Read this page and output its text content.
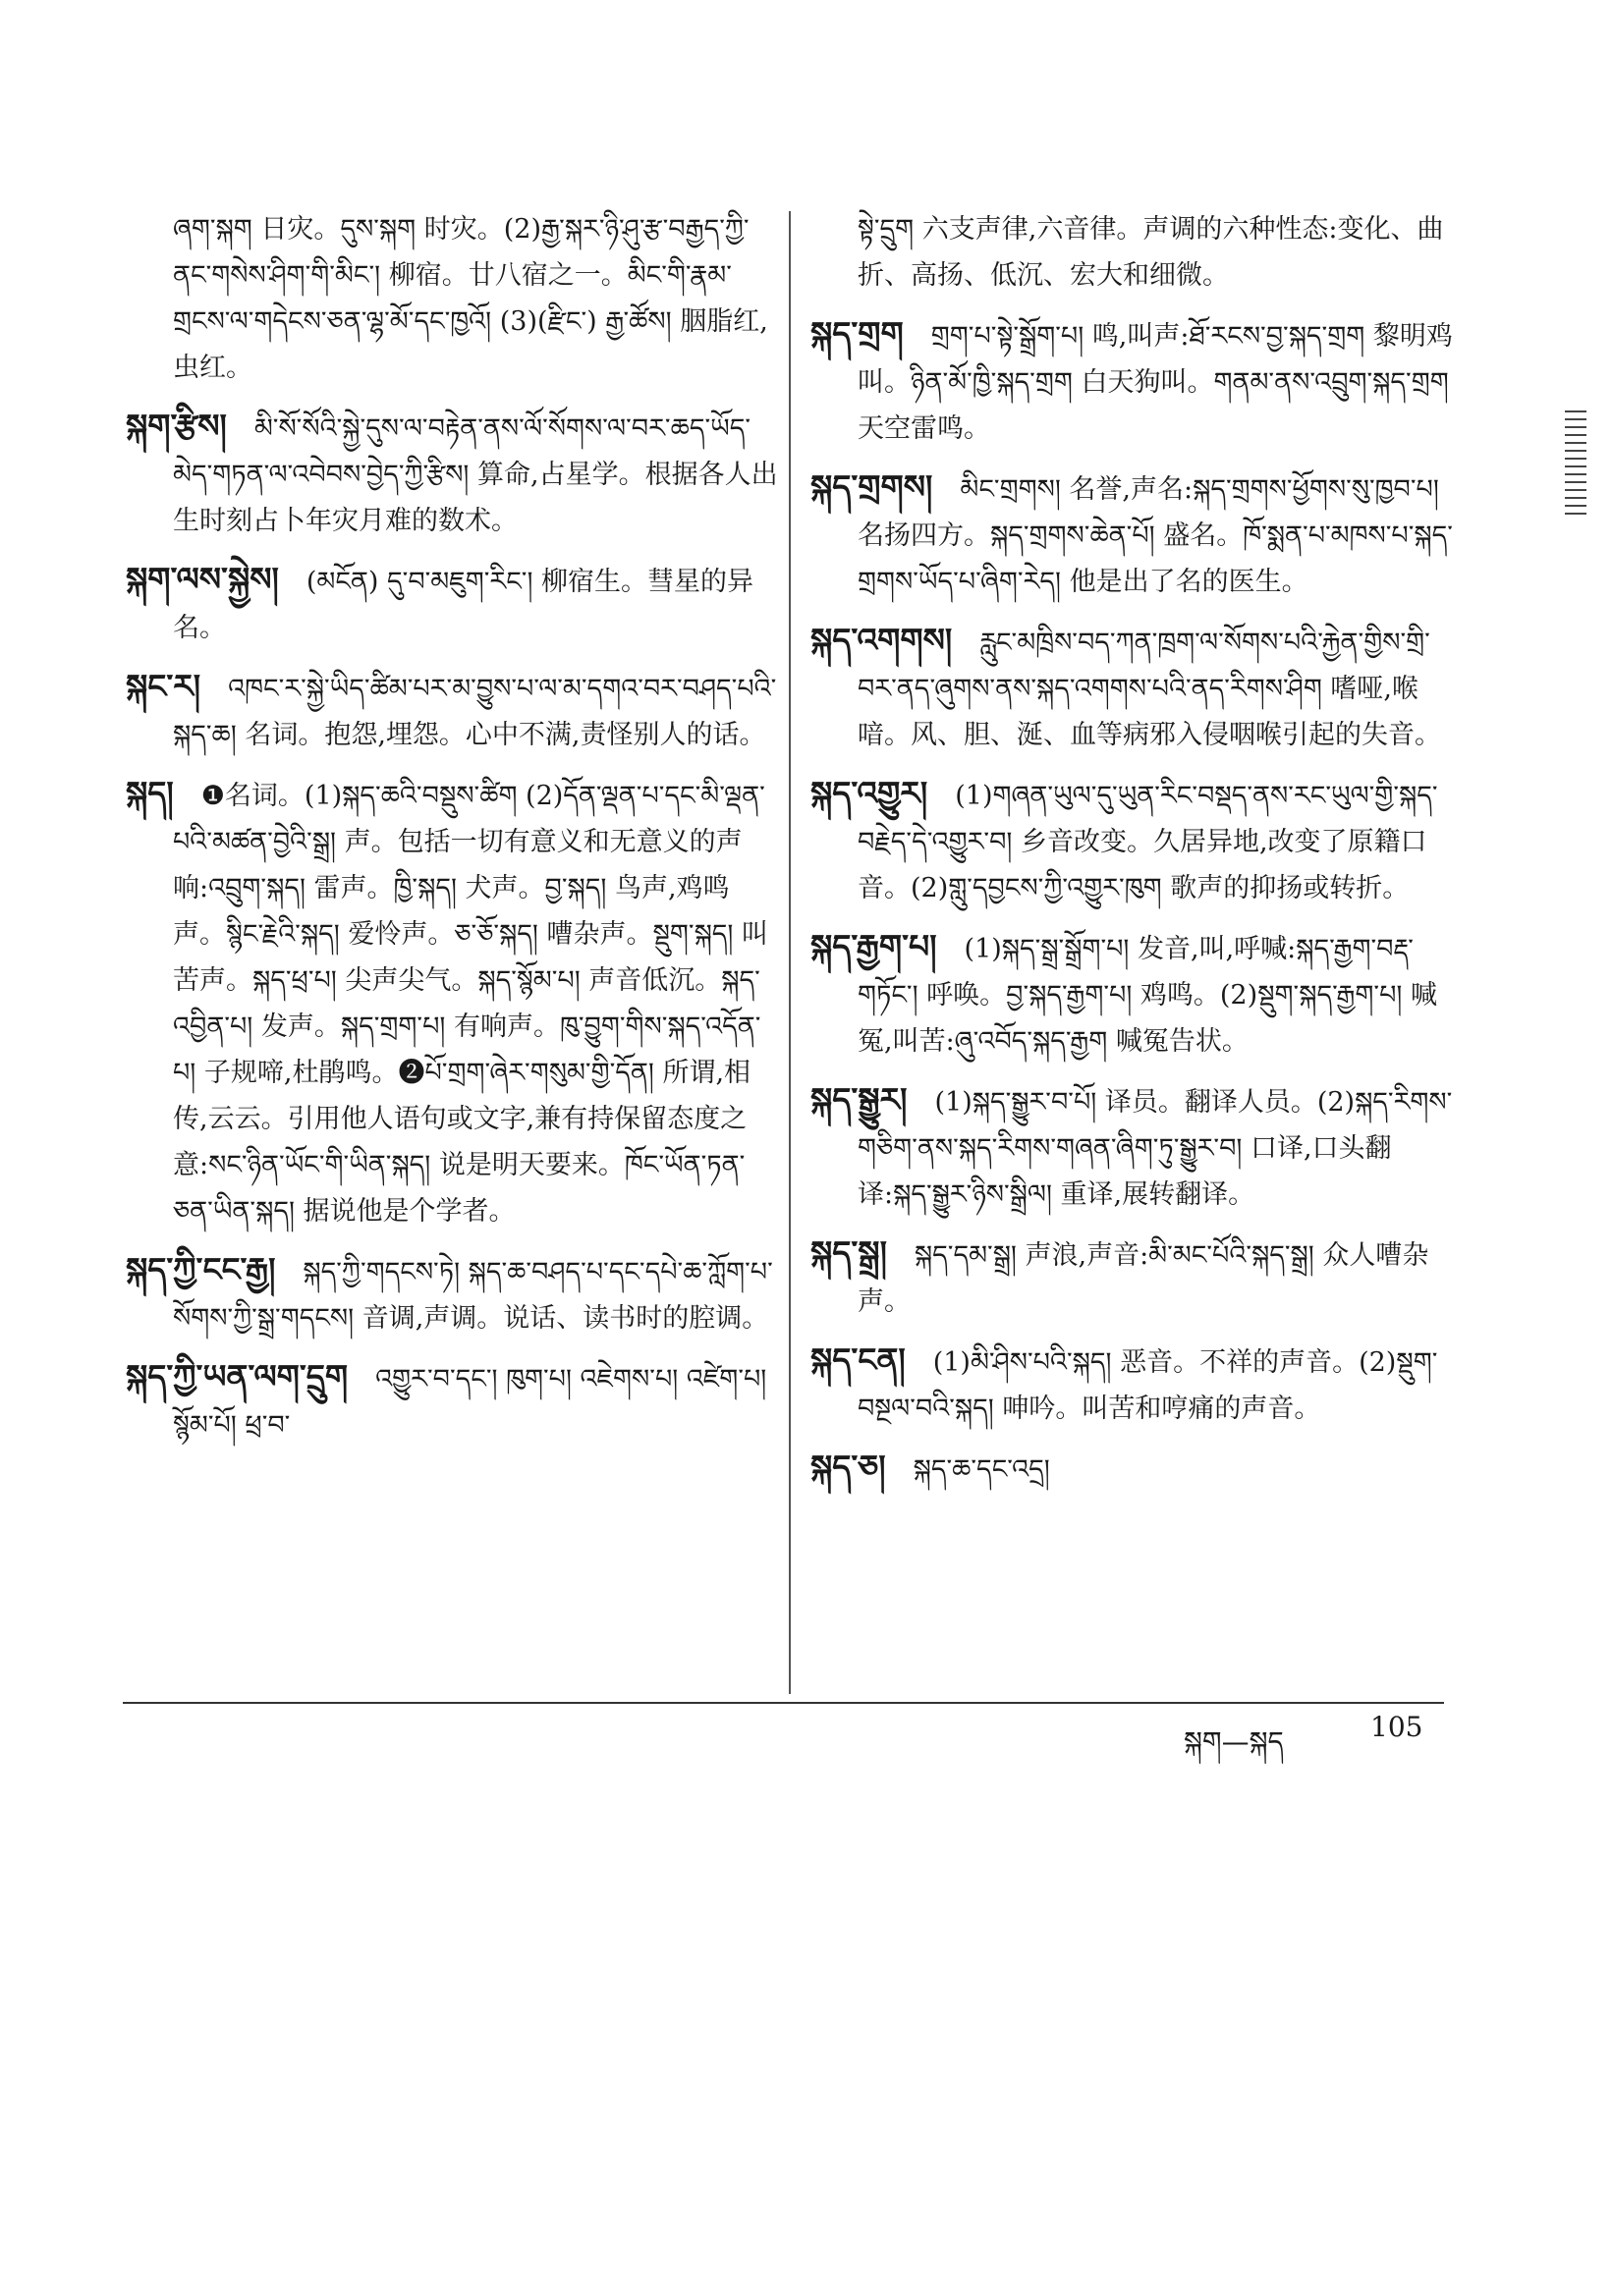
ཞག་སྐག 日灾。དུས་སྐག 时灾。(2)རྒྱ་སྐར་ཉི་ཤུ་རྩ་བརྒྱད་ཀྱི་ནང་གསེས་ཤིག་གི་མིང་། 柳宿。廿八宿之一。མིང་གི་རྣམ་གྲངས་ལ་གདེངས་ཅན་ལྷ་མོ་དང་ཁྱའོ། (3)(རྫིང་) རྒྱ་ཚོས། 胭脂红,虫红。
སྐག་རྩིས། མི་སོ་སོའི་སྐྱེ་དུས་ལ་བརྟེན་ནས་ལོ་སོགས་ལ་བར་ཆད་ཡོད་མེད་གཏན་ལ་འབེབས་བྱེད་ཀྱི་རྩིས། 算命,占星学。根据各人出生时刻占卜年灾月难的数术。
སྐག་ལས་སྐྱེས། (མངོན) དུ་བ་མཇུག་རིང་། 柳宿生。彗星的异名。
སྐང་ར། འཁང་ར་སྐྱེ་ཡིད་ཚིམ་པར་མ་བྱུས་པ་ལ་མ་དགའ་བར་བཤད་པའི་སྐད་ཆ། 名词。抱怨,埋怨。心中不满,责怪别人的话。
སྐད། ❶名词。(1)སྐད་ཆའི་བསྡུས་ཚིག (2)དོན་ལྡན་པ་དང་མི་ལྡན་པའི་མཚན་བྱེའི་སྒྲ། 声。包括一切有意义和无意义的声响:འབྲུག་སྐད། 雷声。ཁྱི་སྐད། 犬声。བྱ་སྐད། 鸟声,鸡鸣声。སྙིང་རྗེའི་སྐད། 爱怜声。ཅ་ཅོ་སྐད། 嘈杂声。སྡུག་སྐད། 叫苦声。སྐད་ཕྲ་པ། 尖声尖气。སྐད་སྙོམ་པ། 声音低沉。སྐད་འབྱིན་པ། 发声。སྐད་གྲག་པ། 有响声。ཁུ་བྱུག་གིས་སྐད་འདོན་པ། 子规啼,杜鹃鸣。❷པོ་གྲག་ཞེར་གསུམ་གྱི་དོན། 所谓,相传,云云。引用他人语句或文字,兼有持保留态度之意:སང་ཉིན་ཡོང་གི་ཡིན་སྐད། 说是明天要来。ཁོང་ཡོན་ཏན་ཅན་ཡིན་སྐད། 据说他是个学者。
སྐད་ཀྱི་ངང་རྒྱ། སྐད་ཀྱི་གདངས་ཏེ། སྐད་ཆ་བཤད་པ་དང་དཔེ་ཆ་ཀློག་པ་སོགས་ཀྱི་སྒྲ་གདངས། 音调,声调。说话、读书时的腔调。
སྐད་ཀྱི་ཡན་ལག་དྲུག འགྱུར་བ་དང་། ཁུག་པ། འཇེགས་པ། འཛེག་པ། སྙོམ་པོ། ཕྲ་བ་
སྟེ་དྲུག 六支声律,六音律。声调的六种性态:变化、曲折、高扬、低沉、宏大和细微。
སྐད་གྲག གྲག་པ་སྟེ་སྒྲོག་པ། 鸣,叫声:ཐོ་རངས་བྱ་སྐད་གྲག 黎明鸡叫。ཉིན་མོ་ཁྱི་སྐད་གྲག 白天狗叫。གནམ་ནས་འབྲུག་སྐད་གྲག 天空雷鸣。
སྐད་གྲགས། མིང་གྲགས། 名誉,声名:སྐད་གྲགས་ཕྱོགས་སུ་ཁྱབ་པ། 名扬四方。སྐད་གྲགས་ཆེན་པོ། 盛名。ཁོ་སྨན་པ་མཁས་པ་སྐད་གྲགས་ཡོད་པ་ཞིག་རེད། 他是出了名的医生。
སྐད་འགགས། རླུང་མཁྲིས་བད་ཀན་ཁྲག་ལ་སོགས་པའི་རྐྱེན་གྱིས་གྲི་བར་ནད་ཞུགས་ནས་སྐད་འགགས་པའི་ནད་རིགས་ཤིག 嗜哑,喉喑。风、胆、涎、血等病邪入侵咽喉引起的失音。
སྐད་འགྱུར། (1)གཞན་ཡུལ་དུ་ཡུན་རིང་བསྡད་ནས་རང་ཡུལ་གྱི་སྐད་བརྗེད་དེ་འགྱུར་བ། 乡音改变。久居异地,改变了原籍口音。(2)གླུ་དབྱངས་ཀྱི་འགྱུར་ཁུག 歌声的抑扬或转折。
སྐད་རྒྱག་པ། (1)སྐད་སྒྲ་སྒྲོག་པ། 发音,叫,呼喊:སྐད་རྒྱག་བརྡ་གཏོང་། 呼唤。བྱ་སྐད་རྒྱག་པ། 鸡鸣。(2)སྡུག་སྐད་རྒྱག་པ། 喊冤,叫苦:ཞུ་འབོད་སྐད་རྒྱག 喊冤告状。
སྐད་སྒྱུར། (1)སྐད་སྒྱུར་བ་པོ། 译员。翻译人员。(2)སྐད་རིགས་གཅིག་ནས་སྐད་རིགས་གཞན་ཞིག་ཏུ་སྒྱུར་བ། 口译,口头翻译:སྐད་སྒྱུར་ཉིས་སྒྲིལ། 重译,展转翻译。
སྐད་སྒྲ། སྐད་དམ་སྒྲ། 声浪,声音:མི་མང་པོའི་སྐད་སྒྲ། 众人嘈杂声。
སྐད་ངན། (1)མི་ཤིས་པའི་སྐད། 恶音。不祥的声音。(2)སྡུག་བསྔལ་བའི་སྐད། 呻吟。叫苦和哼痛的声音。
སྐད་ཅ། སྐད་ཆ་དང་འདྲ།
སྐག—སྐད	105
